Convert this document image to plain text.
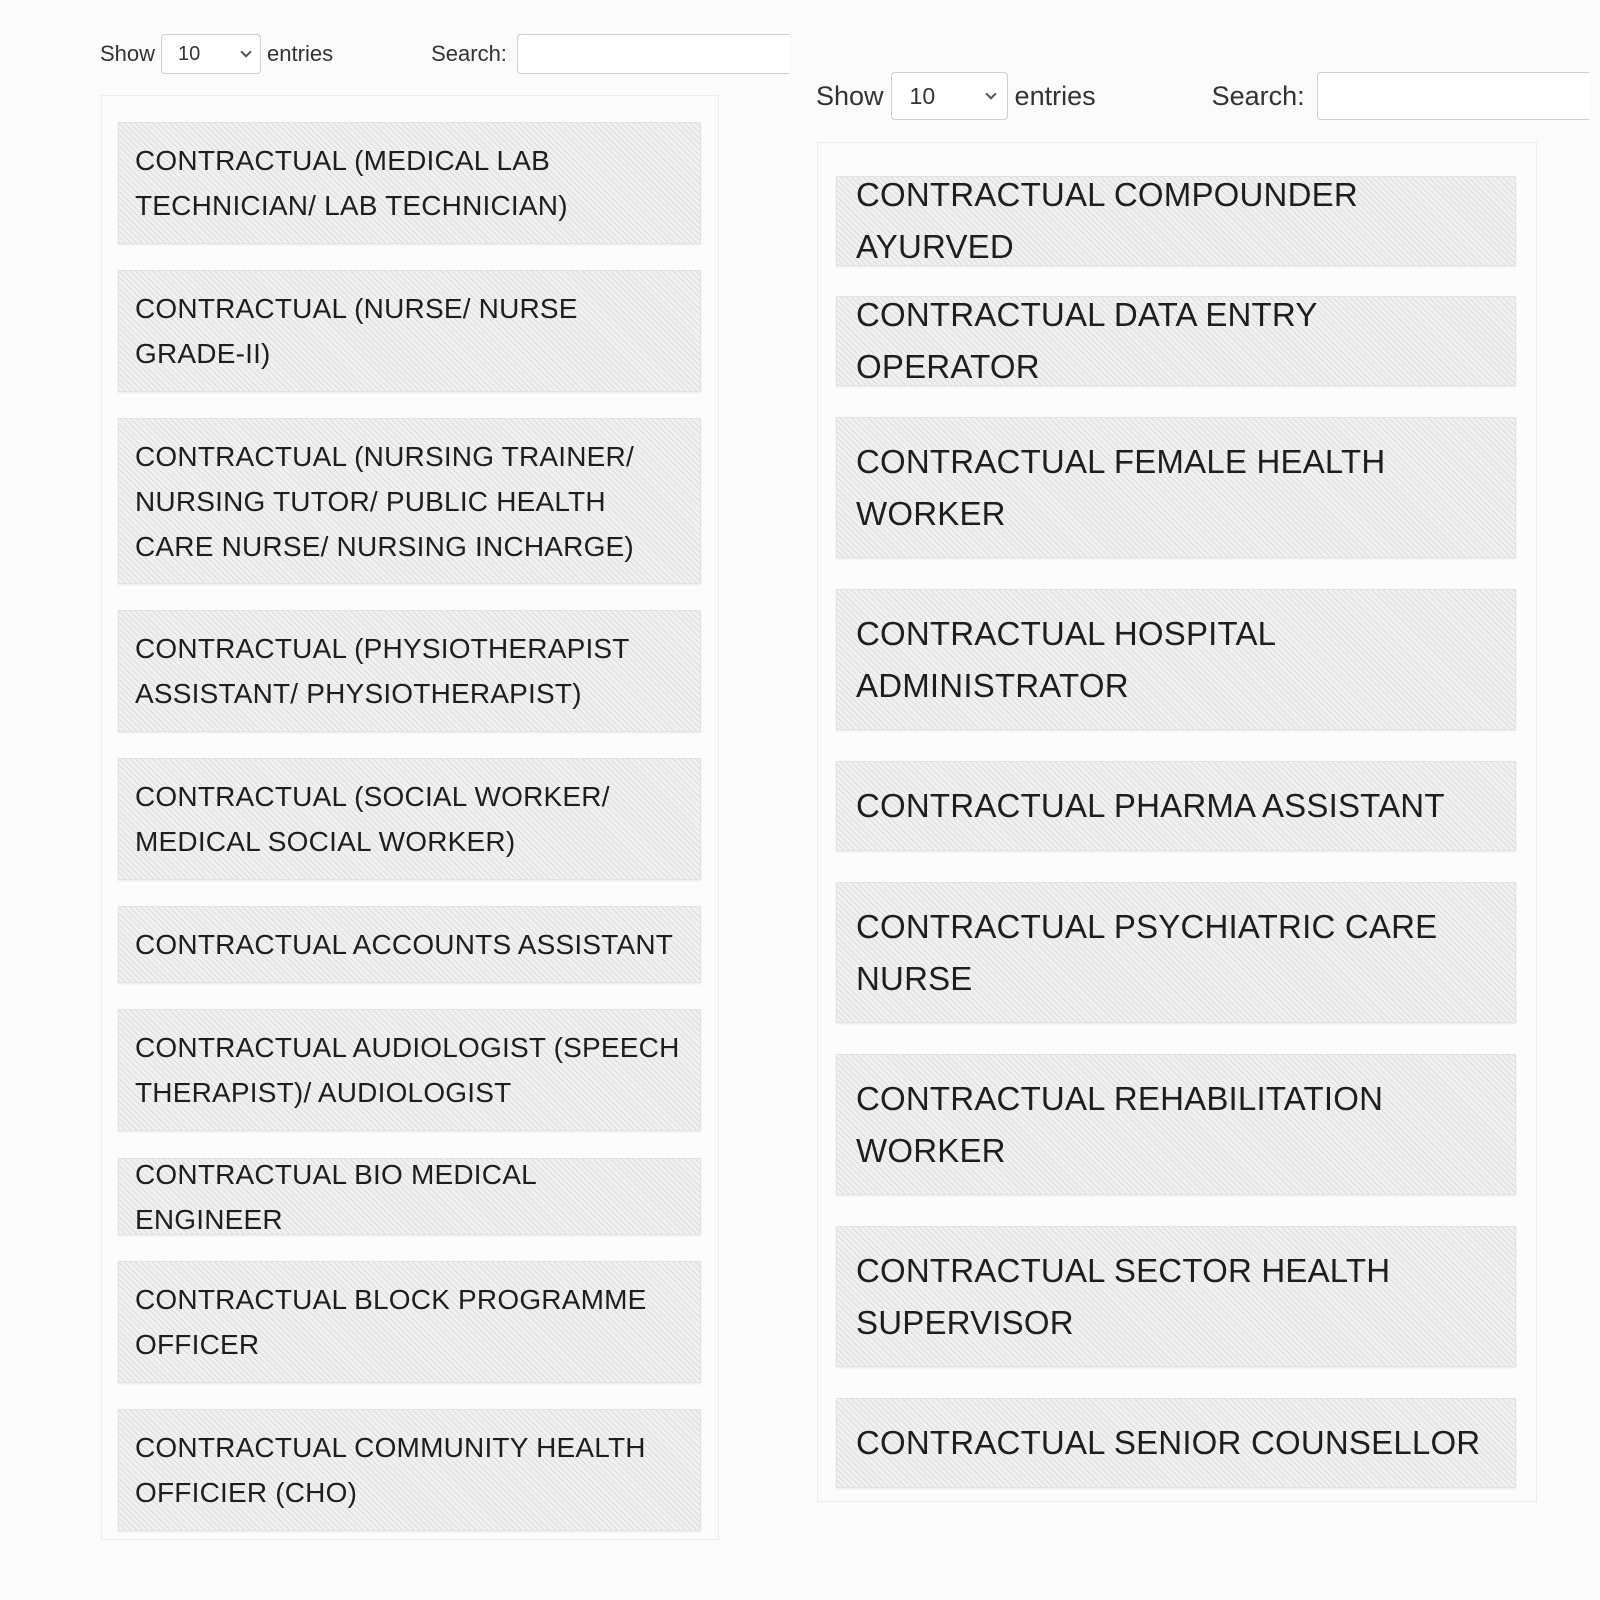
Show 10	entries	Search:
CONTRACTUAL (MEDICAL LAB TECHNICIAN/ LAB TECHNICIAN)
CONTRACTUAL (NURSE/ NURSE GRADE-II)
CONTRACTUAL (NURSING TRAINER/ NURSING TUTOR/ PUBLIC HEALTH CARE NURSE/ NURSING INCHARGE)
CONTRACTUAL (PHYSIOTHERAPIST ASSISTANT/ PHYSIOTHERAPIST)
CONTRACTUAL (SOCIAL WORKER/ MEDICAL SOCIAL WORKER)
CONTRACTUAL ACCOUNTS ASSISTANT
CONTRACTUAL AUDIOLOGIST (SPEECH THERAPIST)/ AUDIOLOGIST
CONTRACTUAL BIO MEDICAL ENGINEER
CONTRACTUAL BLOCK PROGRAMME OFFICER
CONTRACTUAL COMMUNITY HEALTH OFFICIER (CHO)
Show 10	entries	Search:
CONTRACTUAL COMPOUNDER AYURVED
CONTRACTUAL DATA ENTRY OPERATOR
CONTRACTUAL FEMALE HEALTH WORKER
CONTRACTUAL HOSPITAL ADMINISTRATOR
CONTRACTUAL PHARMA ASSISTANT
CONTRACTUAL PSYCHIATRIC CARE NURSE
CONTRACTUAL REHABILITATION WORKER
CONTRACTUAL SECTOR HEALTH SUPERVISOR
CONTRACTUAL SENIOR COUNSELLOR
